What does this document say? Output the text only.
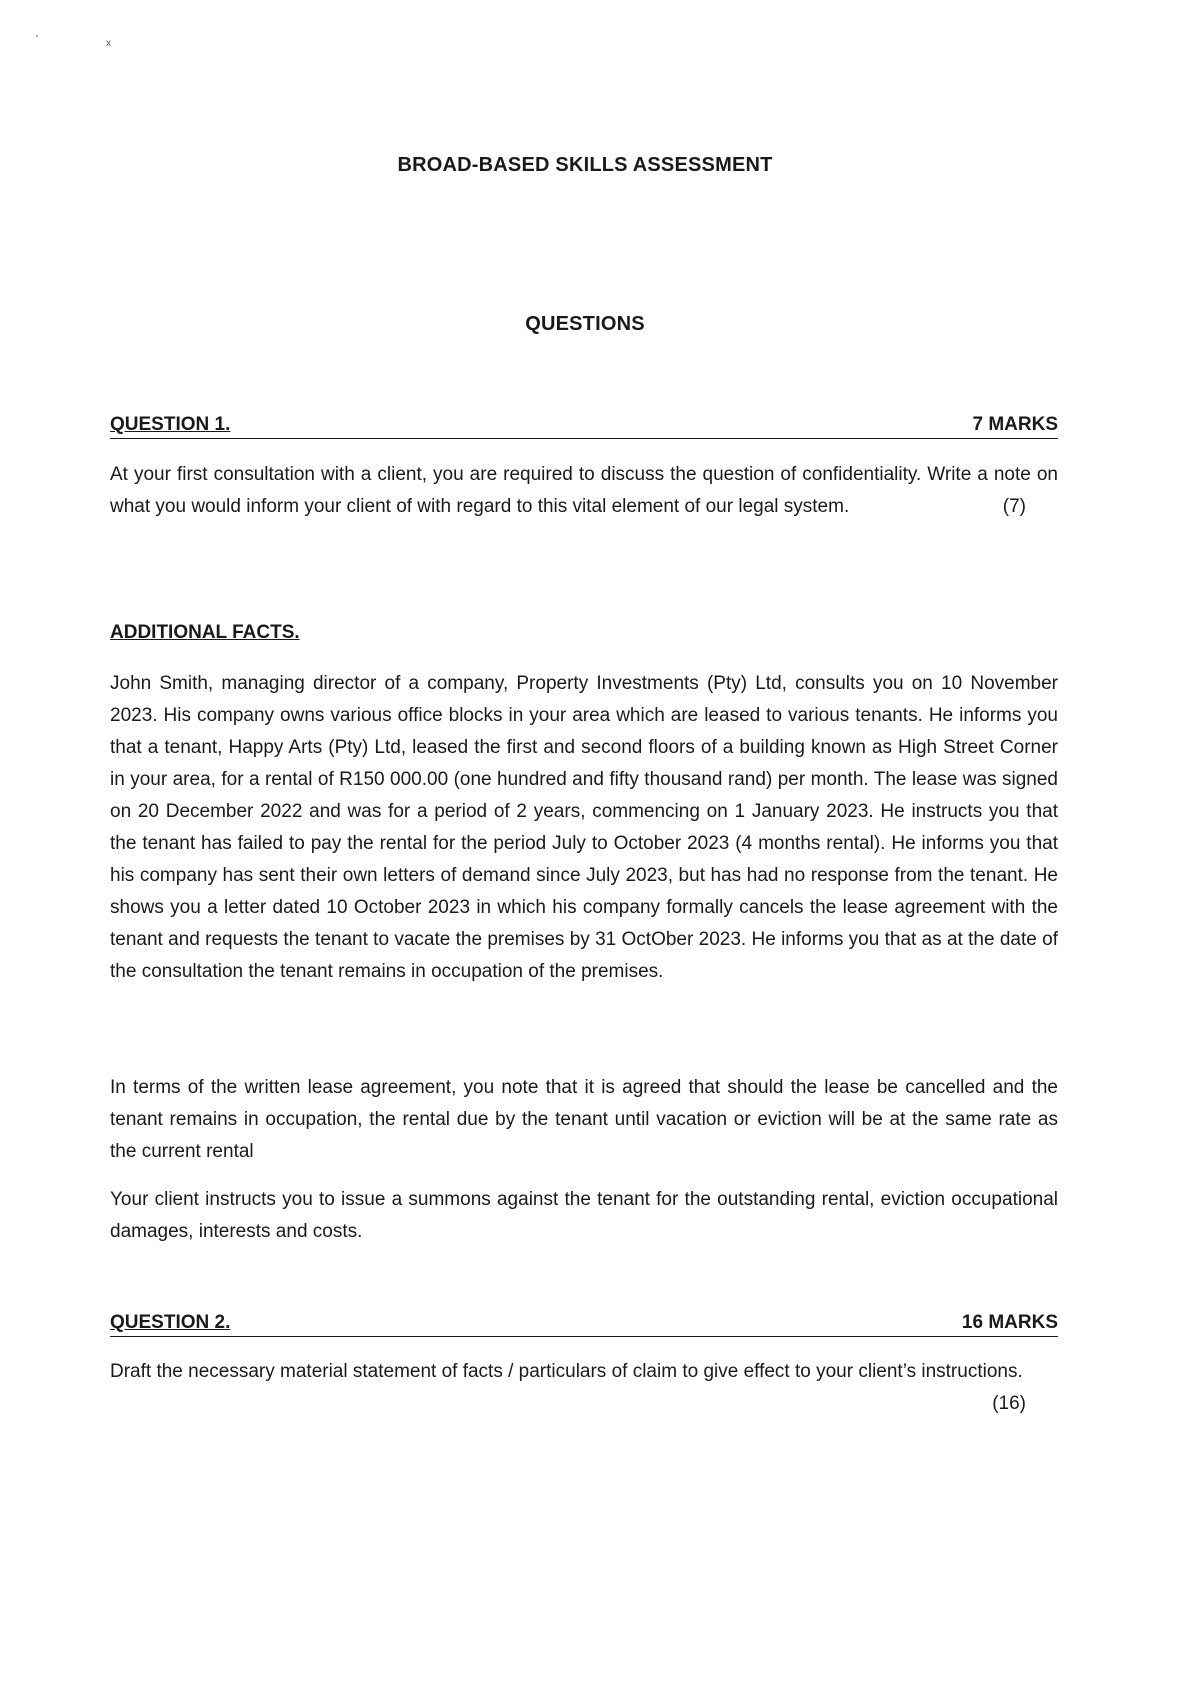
'	x
BROAD-BASED SKILLS ASSESSMENT
QUESTIONS
QUESTION 1.	7 MARKS
At your first consultation with a client, you are required to discuss the question of confidentiality. Write a note on what you would inform your client of with regard to this vital element of our legal system.	(7)
ADDITIONAL FACTS.
John Smith, managing director of a company, Property Investments (Pty) Ltd, consults you on 10 November 2023. His company owns various office blocks in your area which are leased to various tenants. He informs you that a tenant, Happy Arts (Pty) Ltd, leased the first and second floors of a building known as High Street Corner in your area, for a rental of R150 000.00 (one hundred and fifty thousand rand) per month. The lease was signed on 20 December 2022 and was for a period of 2 years, commencing on 1 January 2023. He instructs you that the tenant has failed to pay the rental for the period July to October 2023 (4 months rental). He informs you that his company has sent their own letters of demand since July 2023, but has had no response from the tenant. He shows you a letter dated 10 October 2023 in which his company formally cancels the lease agreement with the tenant and requests the tenant to vacate the premises by 31 OctOber 2023. He informs you that as at the date of the consultation the tenant remains in occupation of the premises.
In terms of the written lease agreement, you note that it is agreed that should the lease be cancelled and the tenant remains in occupation, the rental due by the tenant until vacation or eviction will be at the same rate as the current rental
Your client instructs you to issue a summons against the tenant for the outstanding rental, eviction occupational damages, interests and costs.
QUESTION 2.	16 MARKS
Draft the necessary material statement of facts / particulars of claim to give effect to your client’s instructions.
(16)
